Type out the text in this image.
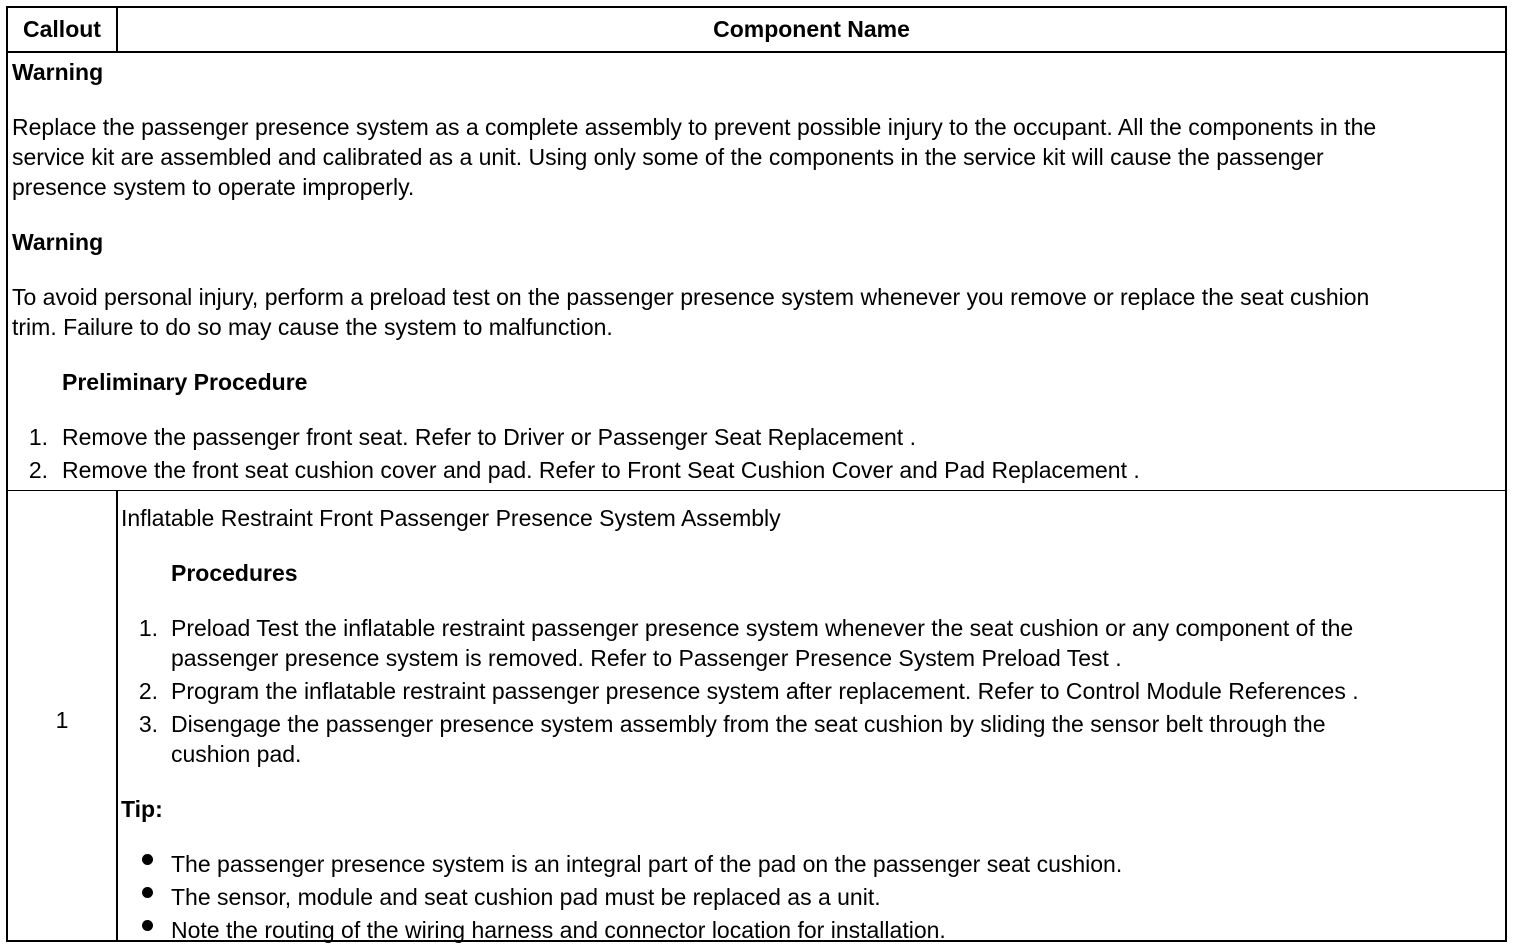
Callout	Component Name
Warning
Replace the passenger presence system as a complete assembly to prevent possible injury to the occupant. All the components in the
service kit are assembled and calibrated as a unit. Using only some of the components in the service kit will cause the passenger
presence system to operate improperly.
Warning
To avoid personal injury, perform a preload test on the passenger presence system whenever you remove or replace the seat cushion
trim. Failure to do so may cause the system to malfunction.
Preliminary Procedure
1. Remove the passenger front seat. Refer to Driver or Passenger Seat Replacement .
2. Remove the front seat cushion cover and pad. Refer to Front Seat Cushion Cover and Pad Replacement .
1
Inflatable Restraint Front Passenger Presence System Assembly
Procedures
1. Preload Test the inflatable restraint passenger presence system whenever the seat cushion or any component of the
passenger presence system is removed. Refer to Passenger Presence System Preload Test .
2. Program the inflatable restraint passenger presence system after replacement. Refer to Control Module References .
3. Disengage the passenger presence system assembly from the seat cushion by sliding the sensor belt through the
cushion pad.
Tip:
The passenger presence system is an integral part of the pad on the passenger seat cushion.
The sensor, module and seat cushion pad must be replaced as a unit.
Note the routing of the wiring harness and connector location for installation.
